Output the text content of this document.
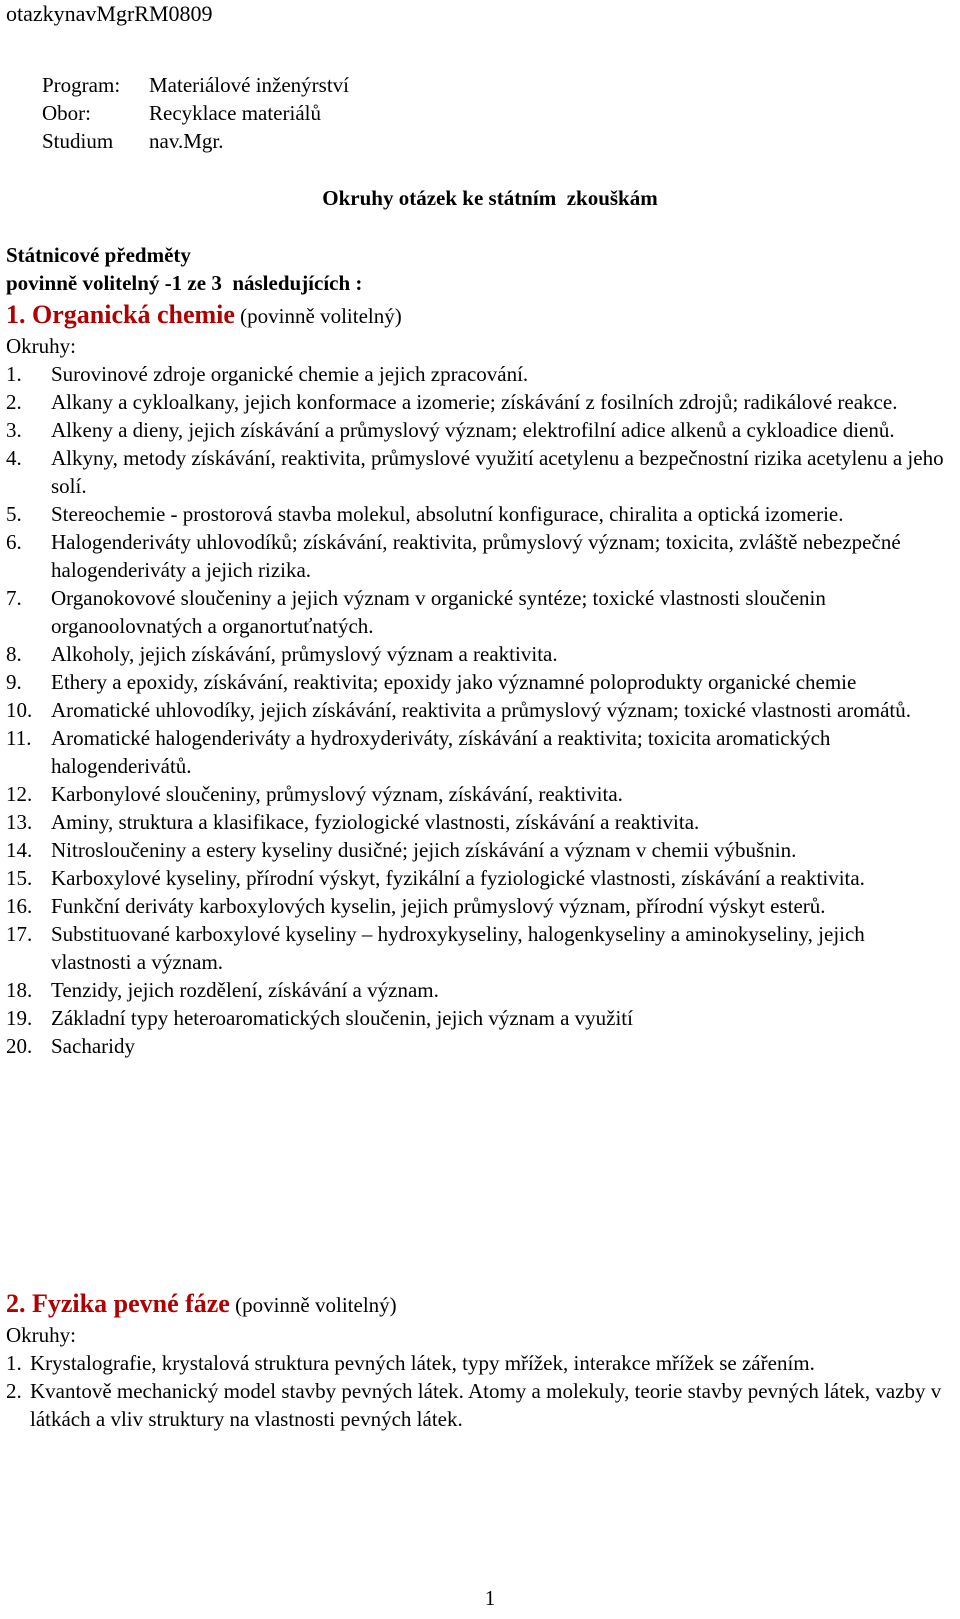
otazkynavMgrRM0809
Program:	Materiálové inženýrství
Obor:	Recyklace materiálů
Studium	nav.Mgr.
Okruhy otázek ke státním  zkouškám
Státnicové předměty
povinně volitelný -1 ze 3  následujících :
1. Organická chemie (povinně volitelný)
Okruhy:
1.	Surovinové zdroje organické chemie a jejich zpracování.
2.	Alkany a cykloalkany, jejich konformace a izomerie; získávání z fosilních zdrojů; radikálové reakce.
3.	Alkeny a dieny, jejich získávání a průmyslový význam; elektrofilní adice alkenů a cykloadice dienů.
4.	Alkyny, metody získávání, reaktivita, průmyslové využití acetylenu a bezpečnostní rizika acetylenu a jeho solí.
5.	Stereochemie - prostorová stavba molekul, absolutní konfigurace, chiralita a optická izomerie.
6.	Halogenderiváty uhlovodíků; získávání, reaktivita, průmyslový význam; toxicita, zvláště nebezpečné halogenderiváty a jejich rizika.
7.	Organokovové sloučeniny a jejich význam v organické syntéze; toxické vlastnosti sloučenin organoolovnatých a organortuťnatých.
8.	Alkoholy, jejich získávání, průmyslový význam a reaktivita.
9.	Ethery a epoxidy, získávání, reaktivita; epoxidy jako významné poloprodukty organické chemie
10. Aromatické uhlovodíky, jejich získávání, reaktivita a průmyslový význam; toxické vlastnosti aromátů.
11. Aromatické halogenderiváty a hydroxyderiváty, získávání a reaktivita; toxicita aromatických halogenderivátů.
12. Karbonylové sloučeniny, průmyslový význam, získávání, reaktivita.
13. Aminy, struktura a klasifikace, fyziologické vlastnosti, získávání a reaktivita.
14. Nitrosloučeniny a estery kyseliny dusičné; jejich získávání a význam v chemii výbušnin.
15. Karboxylové kyseliny, přírodní výskyt, fyzikální a fyziologické vlastnosti, získávání a reaktivita.
16. Funkční deriváty karboxylových kyselin, jejich průmyslový význam, přírodní výskyt esterů.
17. Substituované karboxylové kyseliny – hydroxykyseliny, halogenkyseliny a aminokyseliny, jejich vlastnosti a význam.
18. Tenzidy, jejich rozdělení, získávání a význam.
19. Základní typy heteroaromatických sloučenin, jejich význam a využití
20. Sacharidy
2. Fyzika pevné fáze (povinně volitelný)
Okruhy:
1. Krystalografie, krystalová struktura pevných látek, typy mřížek, interakce mřížek se zářením.
2. Kvantově mechanický model stavby pevných látek. Atomy a molekuly, teorie stavby pevných látek, vazby v látkách a vliv struktury na vlastnosti pevných látek.
1
